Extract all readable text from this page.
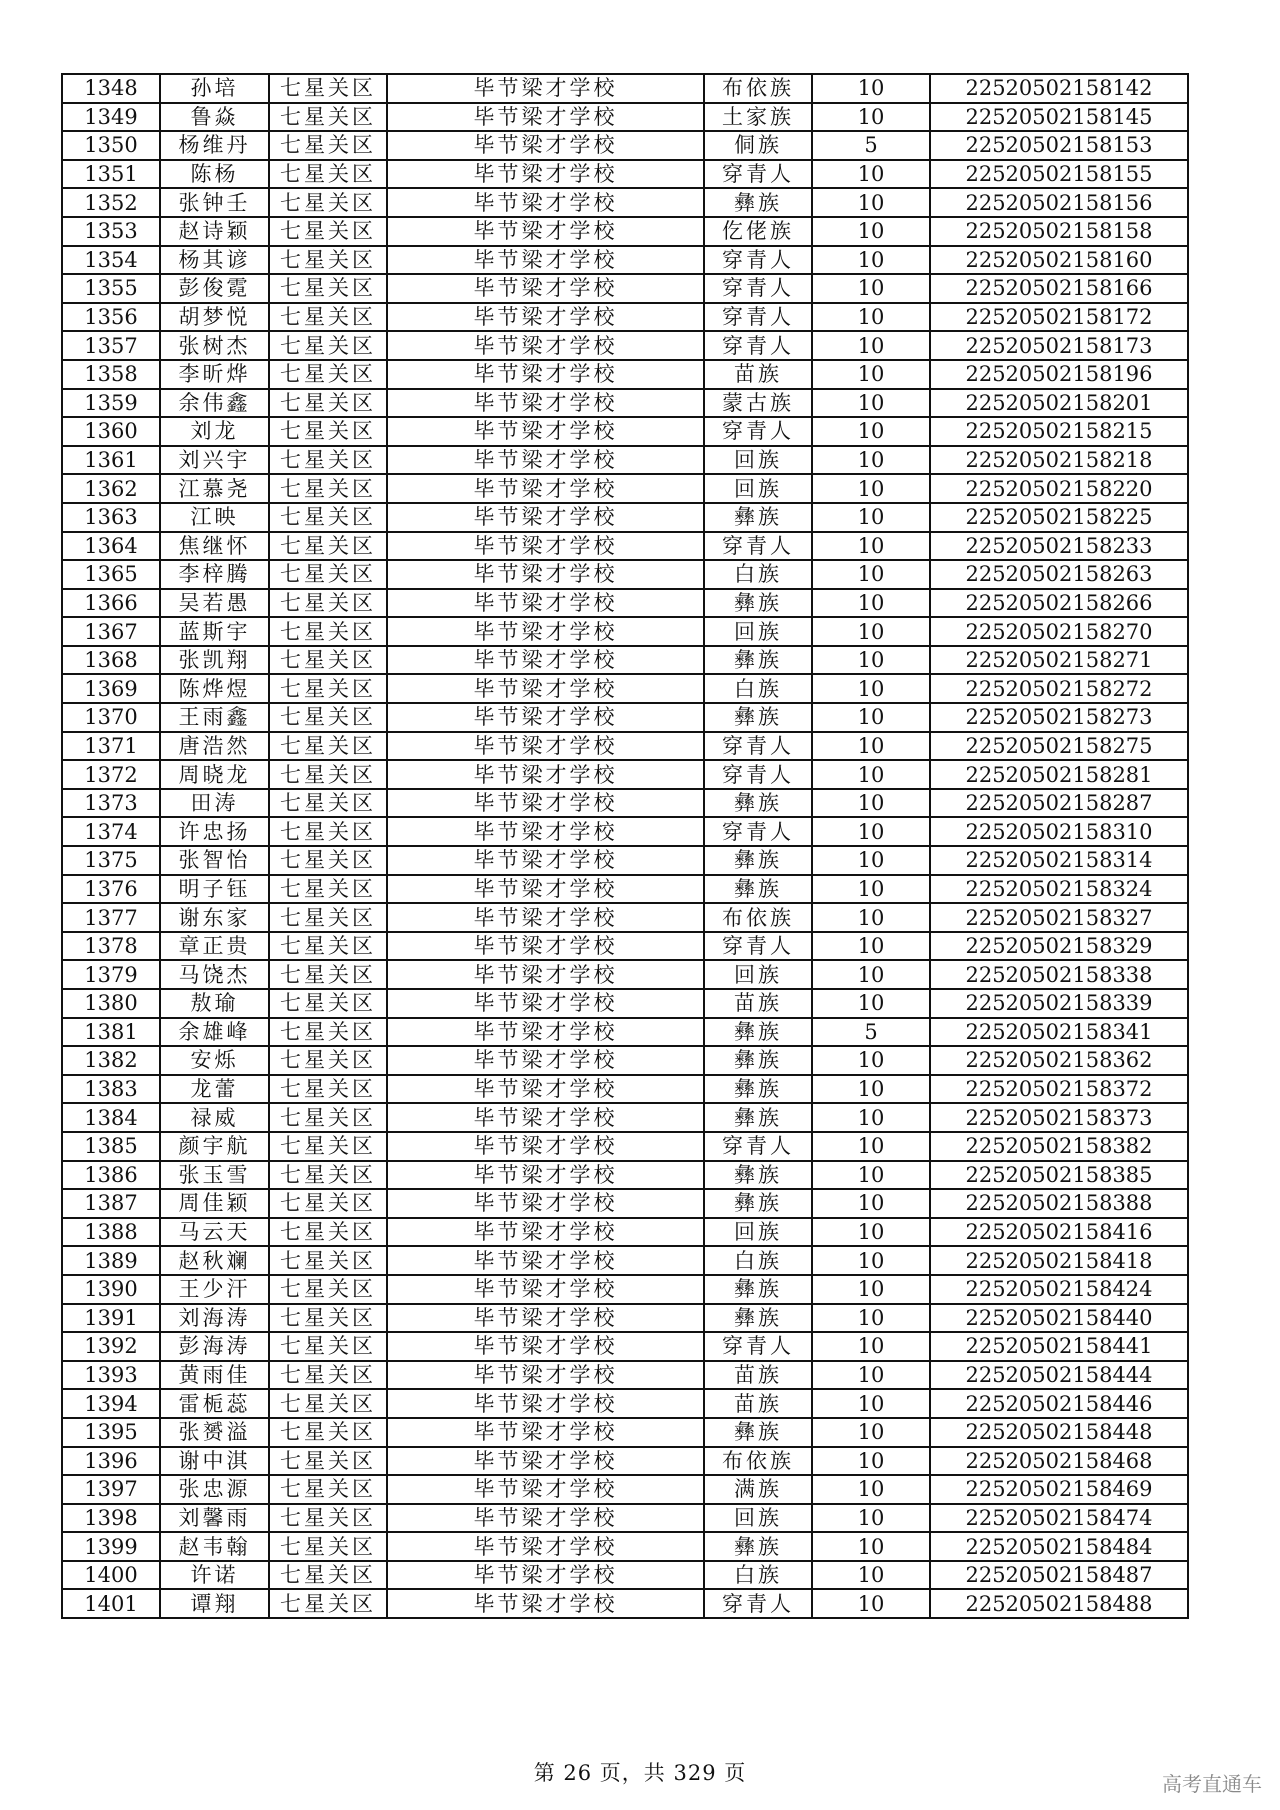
1348	孙培	七星关区	毕节梁才学校	布依族	10	22520502158142
1349	鲁焱	七星关区	毕节梁才学校	土家族	10	22520502158145
1350	杨维丹	七星关区	毕节梁才学校	侗族	5	22520502158153
1351	陈杨	七星关区	毕节梁才学校	穿青人	10	22520502158155
1352	张钟壬	七星关区	毕节梁才学校	彝族	10	22520502158156
1353	赵诗颖	七星关区	毕节梁才学校	仡佬族	10	22520502158158
1354	杨其谚	七星关区	毕节梁才学校	穿青人	10	22520502158160
1355	彭俊霓	七星关区	毕节梁才学校	穿青人	10	22520502158166
1356	胡梦悦	七星关区	毕节梁才学校	穿青人	10	22520502158172
1357	张树杰	七星关区	毕节梁才学校	穿青人	10	22520502158173
1358	李昕烨	七星关区	毕节梁才学校	苗族	10	22520502158196
1359	余伟鑫	七星关区	毕节梁才学校	蒙古族	10	22520502158201
1360	刘龙	七星关区	毕节梁才学校	穿青人	10	22520502158215
1361	刘兴宇	七星关区	毕节梁才学校	回族	10	22520502158218
1362	江慕尧	七星关区	毕节梁才学校	回族	10	22520502158220
1363	江映	七星关区	毕节梁才学校	彝族	10	22520502158225
1364	焦继怀	七星关区	毕节梁才学校	穿青人	10	22520502158233
1365	李梓腾	七星关区	毕节梁才学校	白族	10	22520502158263
1366	吴若愚	七星关区	毕节梁才学校	彝族	10	22520502158266
1367	蓝斯宇	七星关区	毕节梁才学校	回族	10	22520502158270
1368	张凯翔	七星关区	毕节梁才学校	彝族	10	22520502158271
1369	陈烨煜	七星关区	毕节梁才学校	白族	10	22520502158272
1370	王雨鑫	七星关区	毕节梁才学校	彝族	10	22520502158273
1371	唐浩然	七星关区	毕节梁才学校	穿青人	10	22520502158275
1372	周晓龙	七星关区	毕节梁才学校	穿青人	10	22520502158281
1373	田涛	七星关区	毕节梁才学校	彝族	10	22520502158287
1374	许忠扬	七星关区	毕节梁才学校	穿青人	10	22520502158310
1375	张智怡	七星关区	毕节梁才学校	彝族	10	22520502158314
1376	明子钰	七星关区	毕节梁才学校	彝族	10	22520502158324
1377	谢东家	七星关区	毕节梁才学校	布依族	10	22520502158327
1378	章正贵	七星关区	毕节梁才学校	穿青人	10	22520502158329
1379	马饶杰	七星关区	毕节梁才学校	回族	10	22520502158338
1380	敖瑜	七星关区	毕节梁才学校	苗族	10	22520502158339
1381	余雄峰	七星关区	毕节梁才学校	彝族	5	22520502158341
1382	安烁	七星关区	毕节梁才学校	彝族	10	22520502158362
1383	龙蕾	七星关区	毕节梁才学校	彝族	10	22520502158372
1384	禄威	七星关区	毕节梁才学校	彝族	10	22520502158373
1385	颜宇航	七星关区	毕节梁才学校	穿青人	10	22520502158382
1386	张玉雪	七星关区	毕节梁才学校	彝族	10	22520502158385
1387	周佳颖	七星关区	毕节梁才学校	彝族	10	22520502158388
1388	马云天	七星关区	毕节梁才学校	回族	10	22520502158416
1389	赵秋斓	七星关区	毕节梁才学校	白族	10	22520502158418
1390	王少汗	七星关区	毕节梁才学校	彝族	10	22520502158424
1391	刘海涛	七星关区	毕节梁才学校	彝族	10	22520502158440
1392	彭海涛	七星关区	毕节梁才学校	穿青人	10	22520502158441
1393	黄雨佳	七星关区	毕节梁才学校	苗族	10	22520502158444
1394	雷栀蕊	七星关区	毕节梁才学校	苗族	10	22520502158446
1395	张赟溢	七星关区	毕节梁才学校	彝族	10	22520502158448
1396	谢中淇	七星关区	毕节梁才学校	布依族	10	22520502158468
1397	张忠源	七星关区	毕节梁才学校	满族	10	22520502158469
1398	刘馨雨	七星关区	毕节梁才学校	回族	10	22520502158474
1399	赵韦翰	七星关区	毕节梁才学校	彝族	10	22520502158484
1400	许诺	七星关区	毕节梁才学校	白族	10	22520502158487
1401	谭翔	七星关区	毕节梁才学校	穿青人	10	22520502158488
第 26 页，共 329 页	高考直通车
